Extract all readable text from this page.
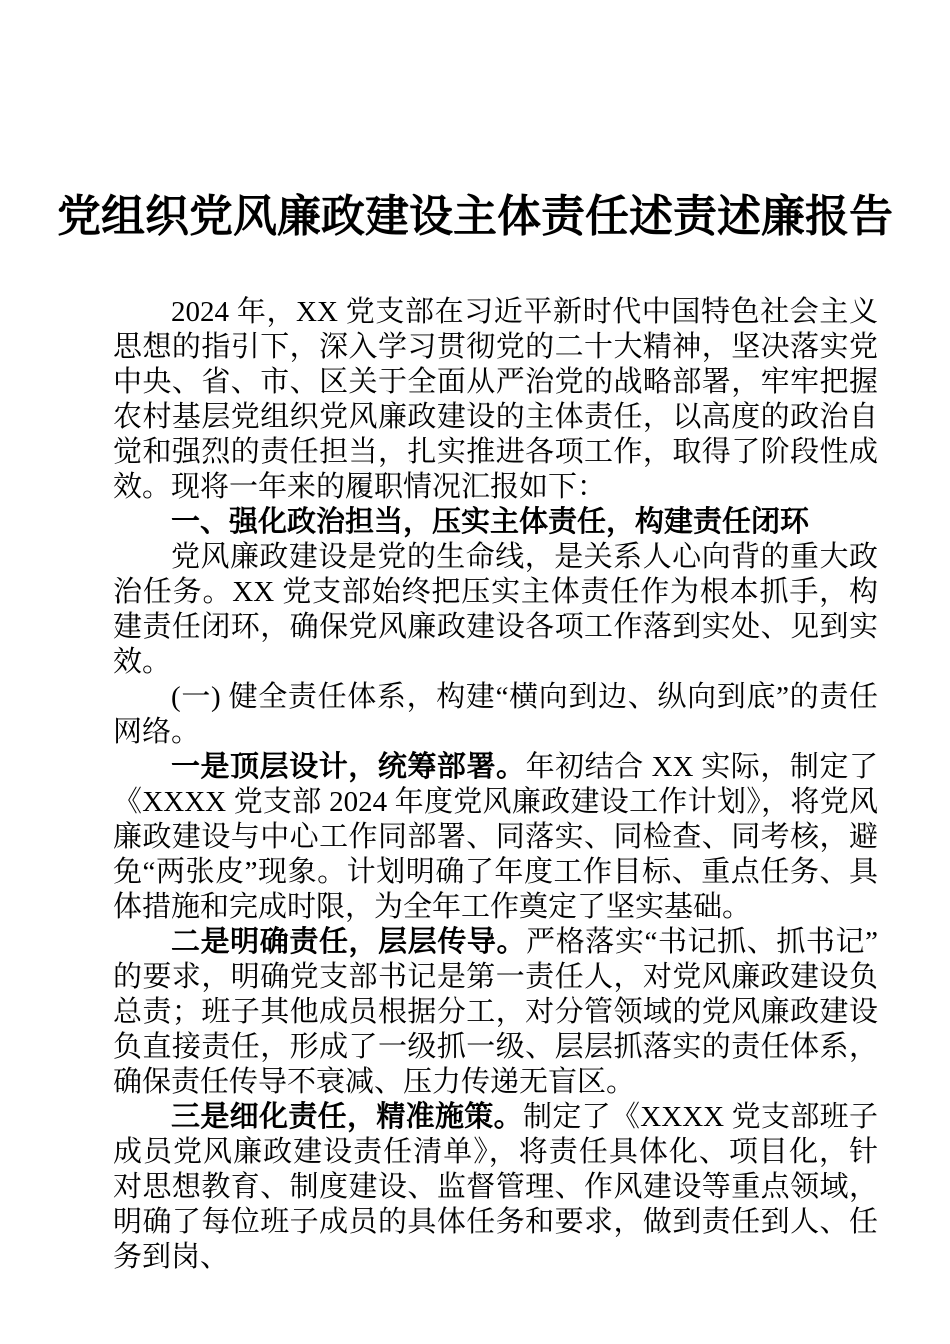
党组织党风廉政建设主体责任述责述廉报告

2024 年，XX 党支部在习近平新时代中国特色社会主义思想的指引下，深入学习贯彻党的二十大精神，坚决落实党中央、省、市、区关于全面从严治党的战略部署，牢牢把握农村基层党组织党风廉政建设的主体责任，以高度的政治自觉和强烈的责任担当，扎实推进各项工作，取得了阶段性成效。现将一年来的履职情况汇报如下：

一、强化政治担当，压实主体责任，构建责任闭环

党风廉政建设是党的生命线，是关系人心向背的重大政治任务。XX 党支部始终把压实主体责任作为根本抓手，构建责任闭环，确保党风廉政建设各项工作落到实处、见到实效。

(一) 健全责任体系，构建“横向到边、纵向到底”的责任网络。

一是顶层设计，统筹部署。年初结合 XX 实际，制定了《XXXX 党支部 2024 年度党风廉政建设工作计划》，将党风廉政建设与中心工作同部署、同落实、同检查、同考核，避免“两张皮”现象。计划明确了年度工作目标、重点任务、具体措施和完成时限，为全年工作奠定了坚实基础。

二是明确责任，层层传导。严格落实“书记抓、抓书记”的要求，明确党支部书记是第一责任人，对党风廉政建设负总责；班子其他成员根据分工，对分管领域的党风廉政建设负直接责任，形成了一级抓一级、层层抓落实的责任体系，确保责任传导不衰减、压力传递无盲区。

三是细化责任，精准施策。制定了《XXXX 党支部班子成员党风廉政建设责任清单》，将责任具体化、项目化，针对思想教育、制度建设、监督管理、作风建设等重点领域，明确了每位班子成员的具体任务和要求，做到责任到人、任务到岗、
